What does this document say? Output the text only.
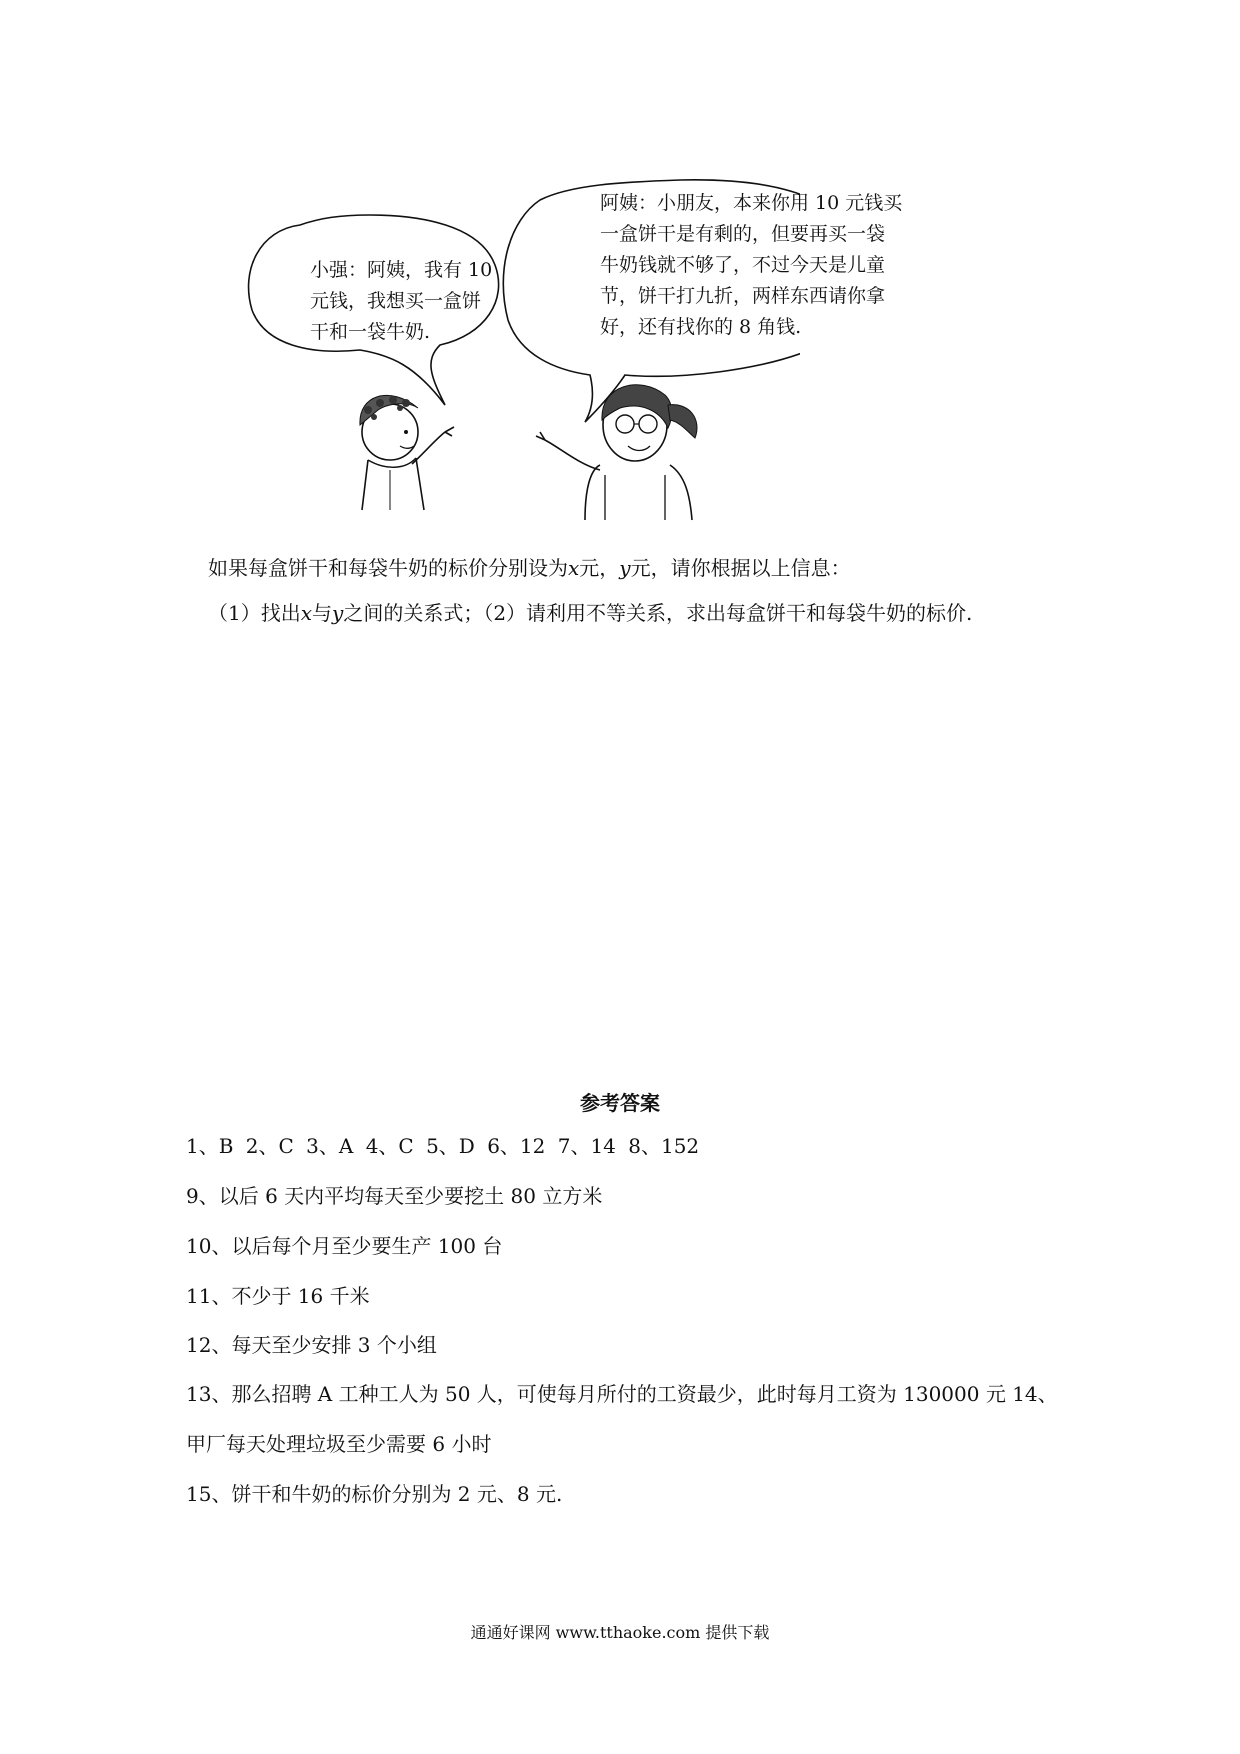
小强：阿姨，我有 10
元钱，我想买一盒饼
干和一袋牛奶.
阿姨：小朋友，本来你用 10 元钱买
一盒饼干是有剩的，但要再买一袋
牛奶钱就不够了，不过今天是儿童
节，饼干打九折，两样东西请你拿
好，还有找你的 8 角钱.
如果每盒饼干和每袋牛奶的标价分别设为x元，y元，请你根据以上信息：
（1）找出x与y之间的关系式；（2）请利用不等关系，求出每盒饼干和每袋牛奶的标价.
参考答案
1、B 2、C 3、A 4、C 5、D 6、12 7、14 8、152
9、以后 6 天内平均每天至少要挖土 80 立方米
10、以后每个月至少要生产 100 台
11、不少于 16 千米
12、每天至少安排 3 个小组
13、那么招聘 A 工种工人为 50 人，可使每月所付的工资最少，此时每月工资为 130000 元 14、
甲厂每天处理垃圾至少需要 6 小时
15、饼干和牛奶的标价分别为 2 元、8 元.
通通好课网 www.tthaoke.com 提供下载
